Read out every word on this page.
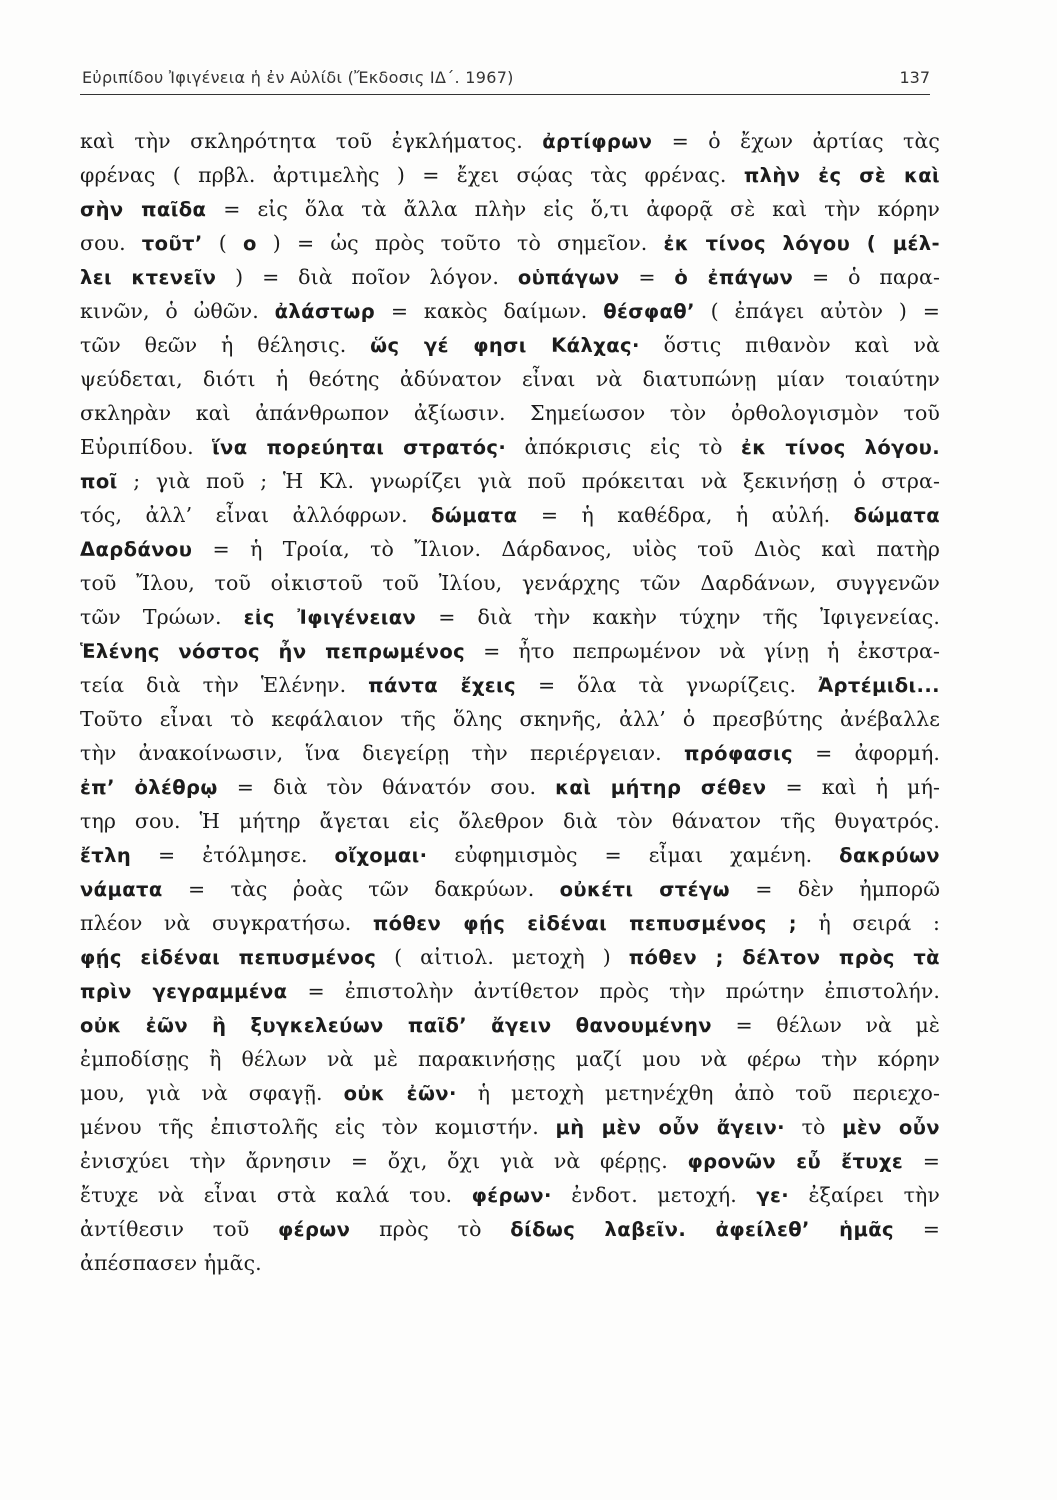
Εὐριπίδου Ἰφιγένεια ἡ ἐν Αὐλίδι (Ἔκδοσις ΙΔ΄. 1967)	137
καὶ τὴν σκληρότητα τοῦ ἐγκλήματος. ἀρτίφρων = ὁ ἔχων ἀρτίας τὰς
φρένας ( πρβλ. ἀρτιμελὴς ) = ἔχει σῴας τὰς φρένας. πλὴν ἐς σὲ καὶ
σὴν παῖδα = εἰς ὅλα τὰ ἄλλα πλὴν εἰς ὅ,τι ἀφορᾷ σὲ καὶ τὴν κόρην
σου. τοῦτ’ ( ο ) = ὡς πρὸς τοῦτο τὸ σημεῖον. ἐκ τίνος λόγου ( μέλ-
λει κτενεῖν ) = διὰ ποῖον λόγον. οὑπάγων = ὁ ἐπάγων = ὁ παρα-
κινῶν, ὁ ὠθῶν. ἀλάστωρ = κακὸς δαίμων. θέσφαθ’ ( ἐπάγει αὐτὸν ) =
τῶν θεῶν ἡ θέλησις. ὥς γέ φησι Κάλχας· ὅστις πιθανὸν καὶ νὰ
ψεύδεται, διότι ἡ θεότης ἀδύνατον εἶναι νὰ διατυπώνῃ μίαν τοιαύτην
σκληρὰν καὶ ἀπάνθρωπον ἀξίωσιν. Σημείωσον τὸν ὀρθολογισμὸν τοῦ
Εὐριπίδου. ἵνα πορεύηται στρατός· ἀπόκρισις εἰς τὸ ἐκ τίνος λόγου.
ποῖ ; γιὰ ποῦ ; Ἡ Κλ. γνωρίζει γιὰ ποῦ πρόκειται νὰ ξεκινήσῃ ὁ στρα-
τός, ἀλλ’ εἶναι ἀλλόφρων. δώματα = ἡ καθέδρα, ἡ αὐλή. δώματα
Δαρδάνου = ἡ Τροία, τὸ Ἴλιον. Δάρδανος, υἱὸς τοῦ Διὸς καὶ πατὴρ
τοῦ Ἴλου, τοῦ οἰκιστοῦ τοῦ Ἰλίου, γενάρχης τῶν Δαρδάνων, συγγενῶν
τῶν Τρώων. εἰς Ἰφιγένειαν = διὰ τὴν κακὴν τύχην τῆς Ἰφιγενείας.
Ἑλένης νόστος ἦν πεπρωμένος = ἦτο πεπρωμένον νὰ γίνῃ ἡ ἐκστρα-
τεία διὰ τὴν Ἑλένην. πάντα ἔχεις = ὅλα τὰ γνωρίζεις. Ἀρτέμιδι...
Τοῦτο εἶναι τὸ κεφάλαιον τῆς ὅλης σκηνῆς, ἀλλ’ ὁ πρεσβύτης ἀνέβαλλε
τὴν ἀνακοίνωσιν, ἵνα διεγείρῃ τὴν περιέργειαν. πρόφασις = ἀφορμή.
ἐπ’ ὀλέθρῳ = διὰ τὸν θάνατόν σου. καὶ μήτηρ σέθεν = καὶ ἡ μή-
τηρ σου. Ἡ μήτηρ ἄγεται εἰς ὄλεθρον διὰ τὸν θάνατον τῆς θυγατρός.
ἔτλη = ἐτόλμησε. οἴχομαι· εὐφημισμὸς = εἶμαι χαμένη. δακρύων
νάματα = τὰς ῥοὰς τῶν δακρύων. οὐκέτι στέγω = δὲν ἠμπορῶ
πλέον νὰ συγκρατήσω. πόθεν φῄς εἰδέναι πεπυσμένος ; ἡ σειρά :
φῄς εἰδέναι πεπυσμένος ( αἰτιολ. μετοχὴ ) πόθεν ; δέλτον πρὸς τὰ
πρὶν γεγραμμένα = ἐπιστολὴν ἀντίθετον πρὸς τὴν πρώτην ἐπιστολήν.
οὐκ ἐῶν ἢ ξυγκελεύων παῖδ’ ἄγειν θανουμένην = θέλων νὰ μὲ
ἐμποδίσῃς ἢ θέλων νὰ μὲ παρακινήσῃς μαζί μου νὰ φέρω τὴν κόρην
μου, γιὰ νὰ σφαγῇ. οὐκ ἐῶν· ἡ μετοχὴ μετηνέχθη ἀπὸ τοῦ περιεχο-
μένου τῆς ἐπιστολῆς εἰς τὸν κομιστήν. μὴ μὲν οὖν ἄγειν· τὸ μὲν οὖν
ἐνισχύει τὴν ἄρνησιν = ὄχι, ὄχι γιὰ νὰ φέρῃς. φρονῶν εὖ ἔτυχε =
ἔτυχε νὰ εἶναι στὰ καλά του. φέρων· ἐνδοτ. μετοχή. γε· ἐξαίρει τὴν
ἀντίθεσιν τοῦ φέρων πρὸς τὸ δίδως λαβεῖν. ἀφείλεθ’ ἡμᾶς =
ἀπέσπασεν ἡμᾶς.
